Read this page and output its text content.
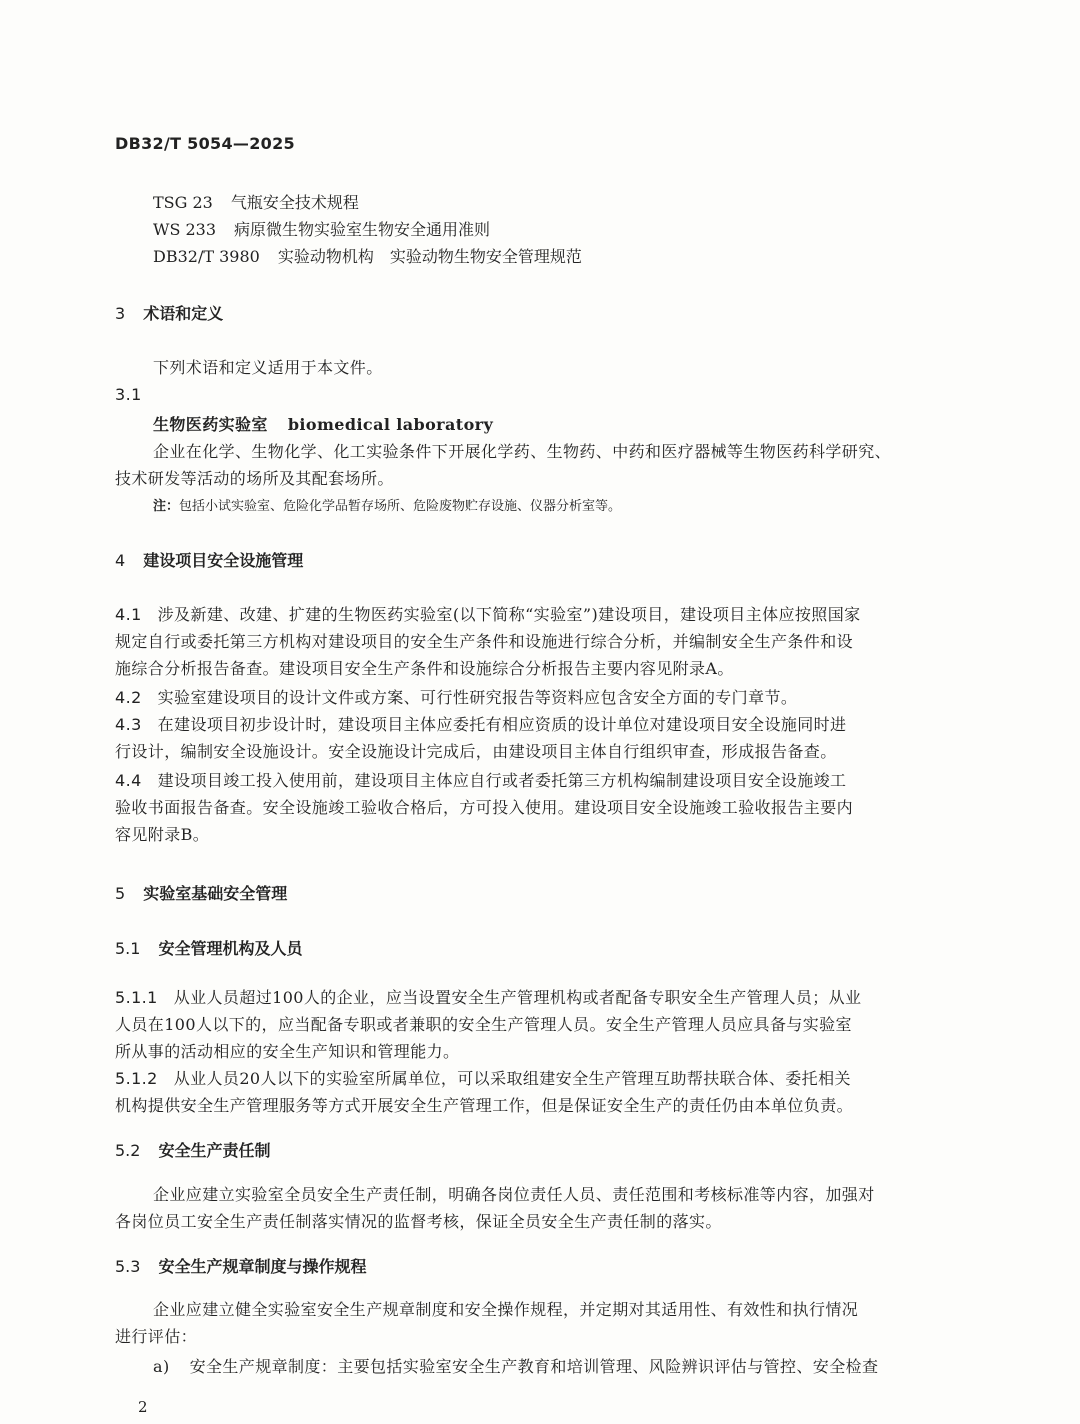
DB32/T 5054—2025
TSG 23 气瓶安全技术规程
WS 233 病原微生物实验室生物安全通用准则
DB32/T 3980 实验动物机构　实验动物生物安全管理规范
3 术语和定义
下列术语和定义适用于本文件。
3.1
生物医药实验室 biomedical laboratory
企业在化学、生物化学、化工实验条件下开展化学药、生物药、中药和医疗器械等生物医药科学研究、
技术研发等活动的场所及其配套场所。
注：包括小试实验室、危险化学品暂存场所、危险废物贮存设施、仪器分析室等。
4 建设项目安全设施管理
4.1 涉及新建、改建、扩建的生物医药实验室(以下简称“实验室”)建设项目，建设项目主体应按照国家
规定自行或委托第三方机构对建设项目的安全生产条件和设施进行综合分析，并编制安全生产条件和设
施综合分析报告备查。建设项目安全生产条件和设施综合分析报告主要内容见附录A。
4.2 实验室建设项目的设计文件或方案、可行性研究报告等资料应包含安全方面的专门章节。
4.3 在建设项目初步设计时，建设项目主体应委托有相应资质的设计单位对建设项目安全设施同时进
行设计，编制安全设施设计。安全设施设计完成后，由建设项目主体自行组织审查，形成报告备查。
4.4 建设项目竣工投入使用前，建设项目主体应自行或者委托第三方机构编制建设项目安全设施竣工
验收书面报告备查。安全设施竣工验收合格后，方可投入使用。建设项目安全设施竣工验收报告主要内
容见附录B。
5 实验室基础安全管理
5.1 安全管理机构及人员
5.1.1 从业人员超过100人的企业，应当设置安全生产管理机构或者配备专职安全生产管理人员；从业
人员在100人以下的，应当配备专职或者兼职的安全生产管理人员。安全生产管理人员应具备与实验室
所从事的活动相应的安全生产知识和管理能力。
5.1.2 从业人员20人以下的实验室所属单位，可以采取组建安全生产管理互助帮扶联合体、委托相关
机构提供安全生产管理服务等方式开展安全生产管理工作，但是保证安全生产的责任仍由本单位负责。
5.2 安全生产责任制
企业应建立实验室全员安全生产责任制，明确各岗位责任人员、责任范围和考核标准等内容，加强对
各岗位员工安全生产责任制落实情况的监督考核，保证全员安全生产责任制的落实。
5.3 安全生产规章制度与操作规程
企业应建立健全实验室安全生产规章制度和安全操作规程，并定期对其适用性、有效性和执行情况
进行评估：
a) 安全生产规章制度：主要包括实验室安全生产教育和培训管理、风险辨识评估与管控、安全检查
2
